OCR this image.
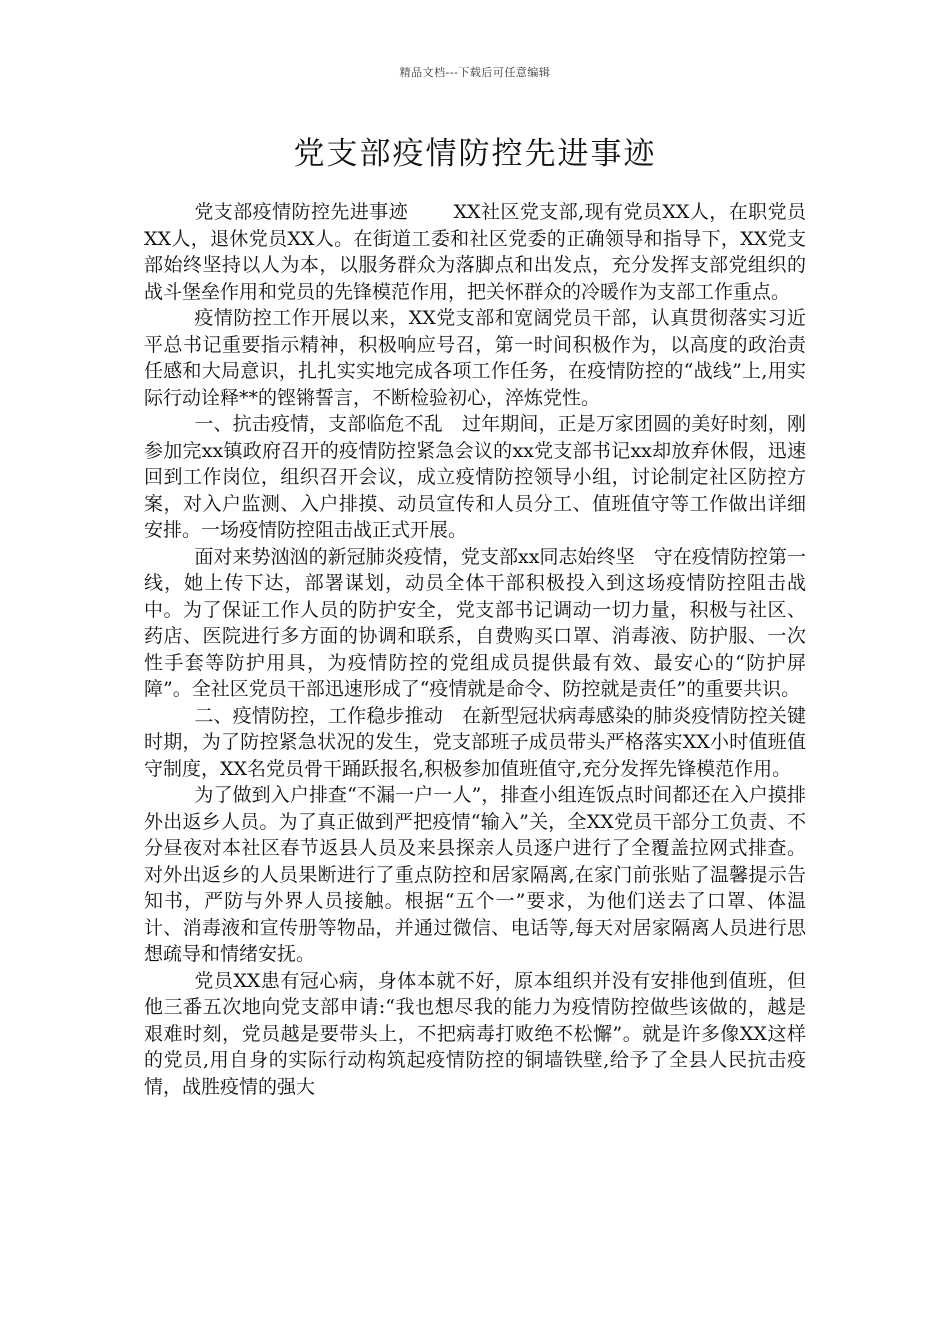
精品文档---下载后可任意编辑
党支部疫情防控先进事迹

党支部疫情防控先进事迹　　 XX社区党支部,现有党员XX人，在职党员XX人，退休党员XX人。在街道工委和社区党委的正确领导和指导下，XX党支部始终坚持以人为本，以服务群众为落脚点和出发点，充分发挥支部党组织的战斗堡垒作用和党员的先锋模范作用，把关怀群众的冷暖作为支部工作重点。

疫情防控工作开展以来，XX党支部和宽阔党员干部，认真贯彻落实习近平总书记重要指示精神，积极响应号召，第一时间积极作为，以高度的政治责任感和大局意识，扎扎实实地完成各项工作任务，在疫情防控的“战线”上,用实际行动诠释**的铿锵誓言，不断检验初心，淬炼党性。

一、抗击疫情，支部临危不乱　过年期间，正是万家团圆的美好时刻，刚参加完xx镇政府召开的疫情防控紧急会议的xx党支部书记xx却放弃休假，迅速回到工作岗位，组织召开会议，成立疫情防控领导小组，讨论制定社区防控方案，对入户监测、入户排摸、动员宣传和人员分工、值班值守等工作做出详细安排。一场疫情防控阻击战正式开展。

面对来势汹汹的新冠肺炎疫情，党支部xx同志始终坚　守在疫情防控第一线，她上传下达，部署谋划，动员全体干部积极投入到这场疫情防控阻击战中。为了保证工作人员的防护安全，党支部书记调动一切力量，积极与社区、药店、医院进行多方面的协调和联系，自费购买口罩、消毒液、防护服、一次性手套等防护用具，为疫情防控的党组成员提供最有效、最安心的“防护屏障”。全社区党员干部迅速形成了“疫情就是命令、防控就是责任”的重要共识。

二、疫情防控，工作稳步推动　在新型冠状病毒感染的肺炎疫情防控关键时期，为了防控紧急状况的发生，党支部班子成员带头严格落实XX小时值班值守制度，XX名党员骨干踊跃报名,积极参加值班值守,充分发挥先锋模范作用。

为了做到入户排查“不漏一户一人”，排查小组连饭点时间都还在入户摸排外出返乡人员。为了真正做到严把疫情“输入”关，全XX党员干部分工负责、不分昼夜对本社区春节返县人员及来县探亲人员逐户进行了全覆盖拉网式排查。对外出返乡的人员果断进行了重点防控和居家隔离,在家门前张贴了温馨提示告知书，严防与外界人员接触。根据“五个一”要求，为他们送去了口罩、体温计、消毒液和宣传册等物品，并通过微信、电话等,每天对居家隔离人员进行思想疏导和情绪安抚。

党员XX患有冠心病，身体本就不好，原本组织并没有安排他到值班，但他三番五次地向党支部申请:“我也想尽我的能力为疫情防控做些该做的，越是艰难时刻，党员越是要带头上，不把病毒打败绝不松懈”。就是许多像XX这样的党员,用自身的实际行动构筑起疫情防控的铜墙铁壁,给予了全县人民抗击疫情，战胜疫情的强大
